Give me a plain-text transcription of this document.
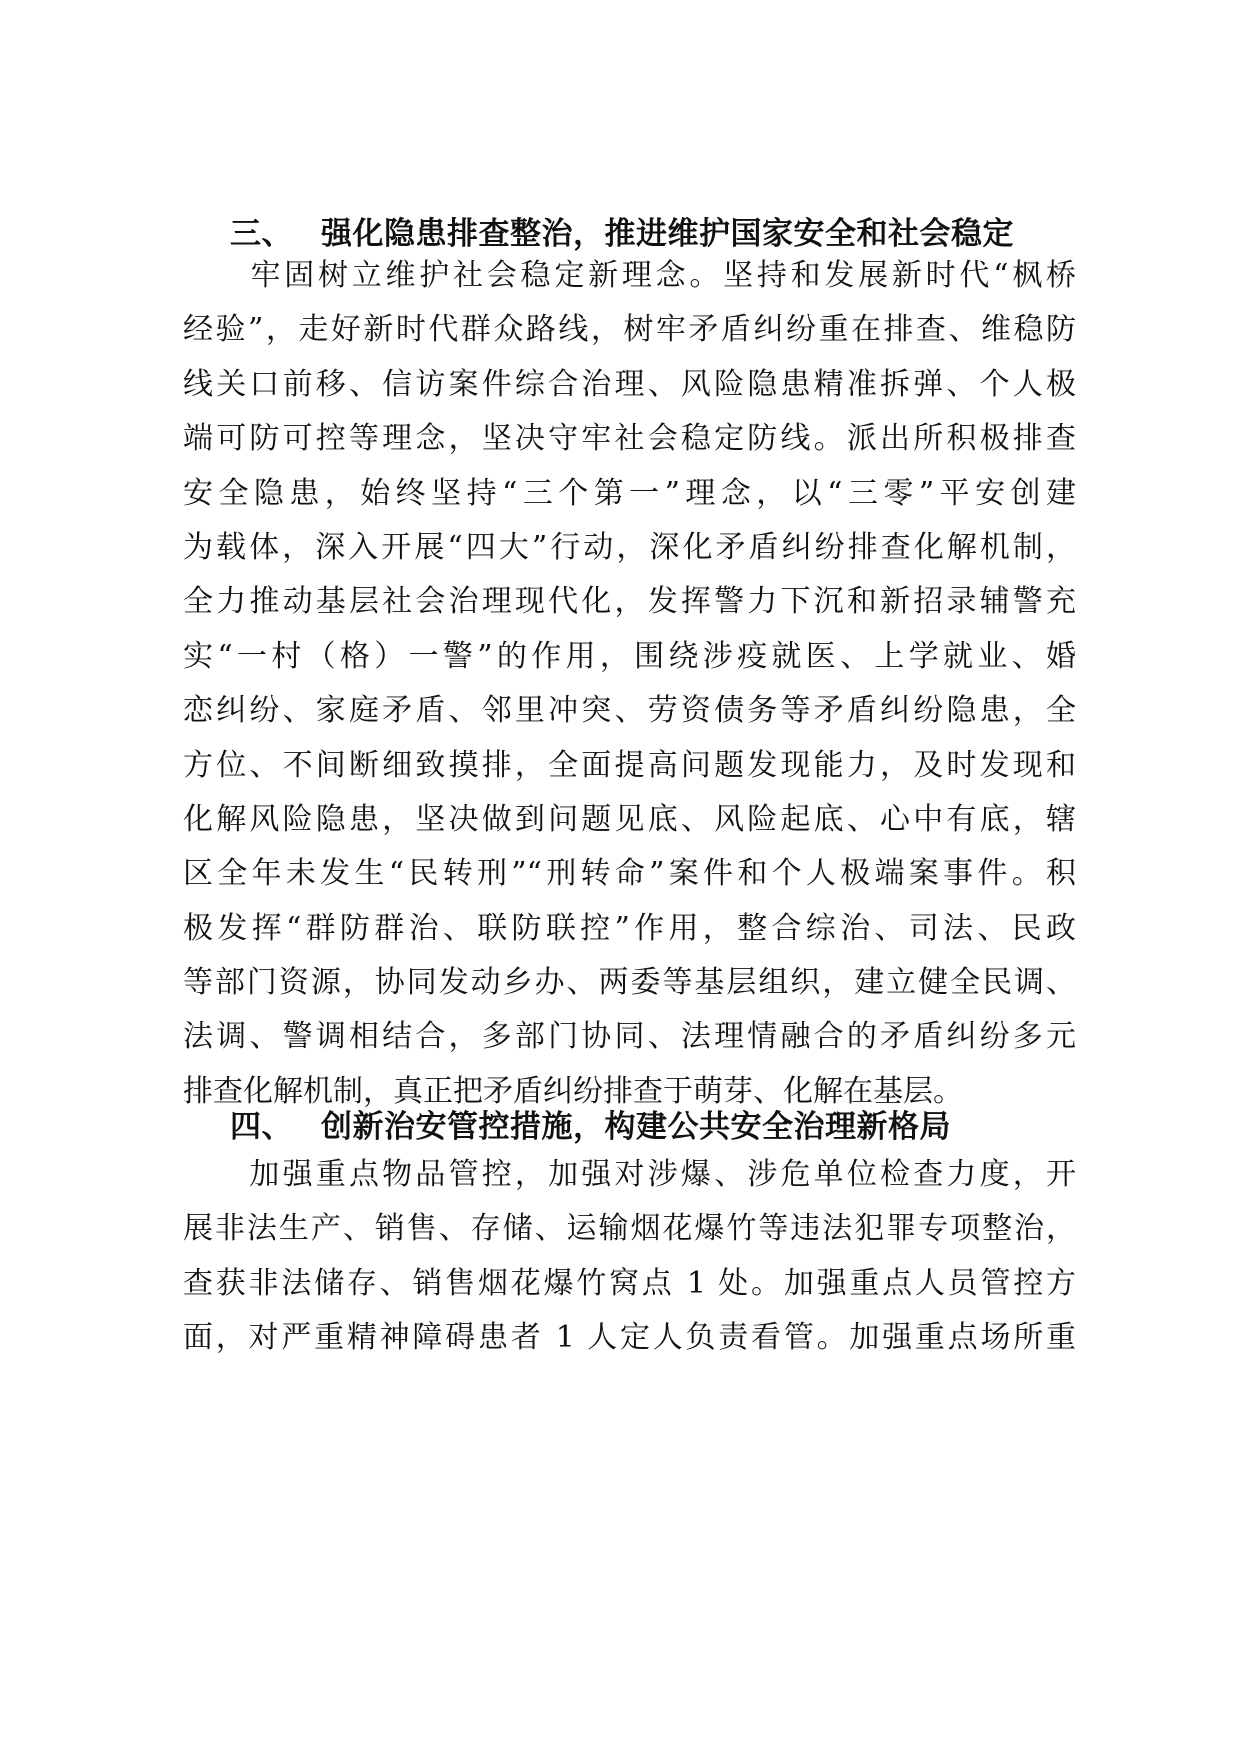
三、 强化隐患排查整治，推进维护国家安全和社会稳定
　　牢固树立维护社会稳定新理念。坚持和发展新时代“枫桥
经验”，走好新时代群众路线，树牢矛盾纠纷重在排查、维稳防
线关口前移、信访案件综合治理、风险隐患精准拆弹、个人极
端可防可控等理念，坚决守牢社会稳定防线。派出所积极排查
安全隐患，始终坚持“三个第一”理念，以“三零”平安创建
为载体，深入开展“四大”行动，深化矛盾纠纷排查化解机制，
全力推动基层社会治理现代化，发挥警力下沉和新招录辅警充
实“一村（格）一警”的作用，围绕涉疫就医、上学就业、婚
恋纠纷、家庭矛盾、邻里冲突、劳资债务等矛盾纠纷隐患，全
方位、不间断细致摸排，全面提高问题发现能力，及时发现和
化解风险隐患，坚决做到问题见底、风险起底、心中有底，辖
区全年未发生“民转刑”“刑转命”案件和个人极端案事件。积
极发挥“群防群治、联防联控”作用，整合综治、司法、民政
等部门资源，协同发动乡办、两委等基层组织，建立健全民调、
法调、警调相结合，多部门协同、法理情融合的矛盾纠纷多元
排查化解机制，真正把矛盾纠纷排查于萌芽、化解在基层。
四、 创新治安管控措施，构建公共安全治理新格局
　　加强重点物品管控，加强对涉爆、涉危单位检查力度，开
展非法生产、销售、存储、运输烟花爆竹等违法犯罪专项整治，
查获非法储存、销售烟花爆竹窝点 1 处。加强重点人员管控方
面，对严重精神障碍患者 1 人定人负责看管。加强重点场所重
